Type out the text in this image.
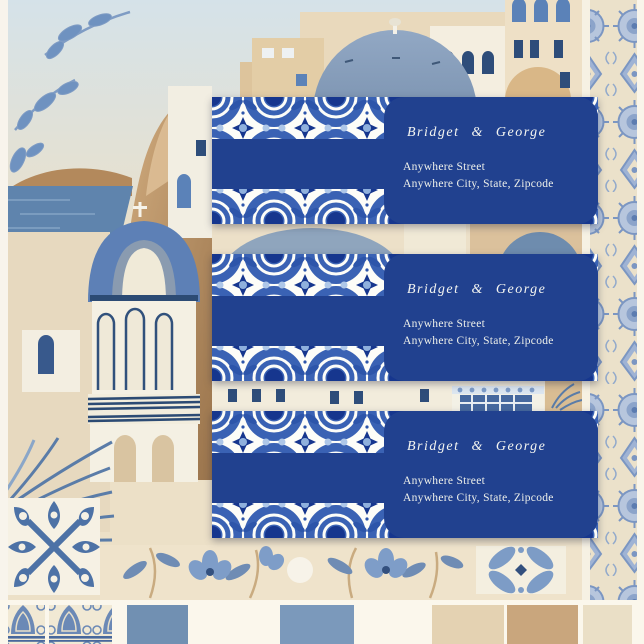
Bridget & George
Anywhere Street
Anywhere City, State, Zipcode
Bridget & George
Anywhere Street
Anywhere City, State, Zipcode
Bridget & George
Anywhere Street
Anywhere City, State, Zipcode
